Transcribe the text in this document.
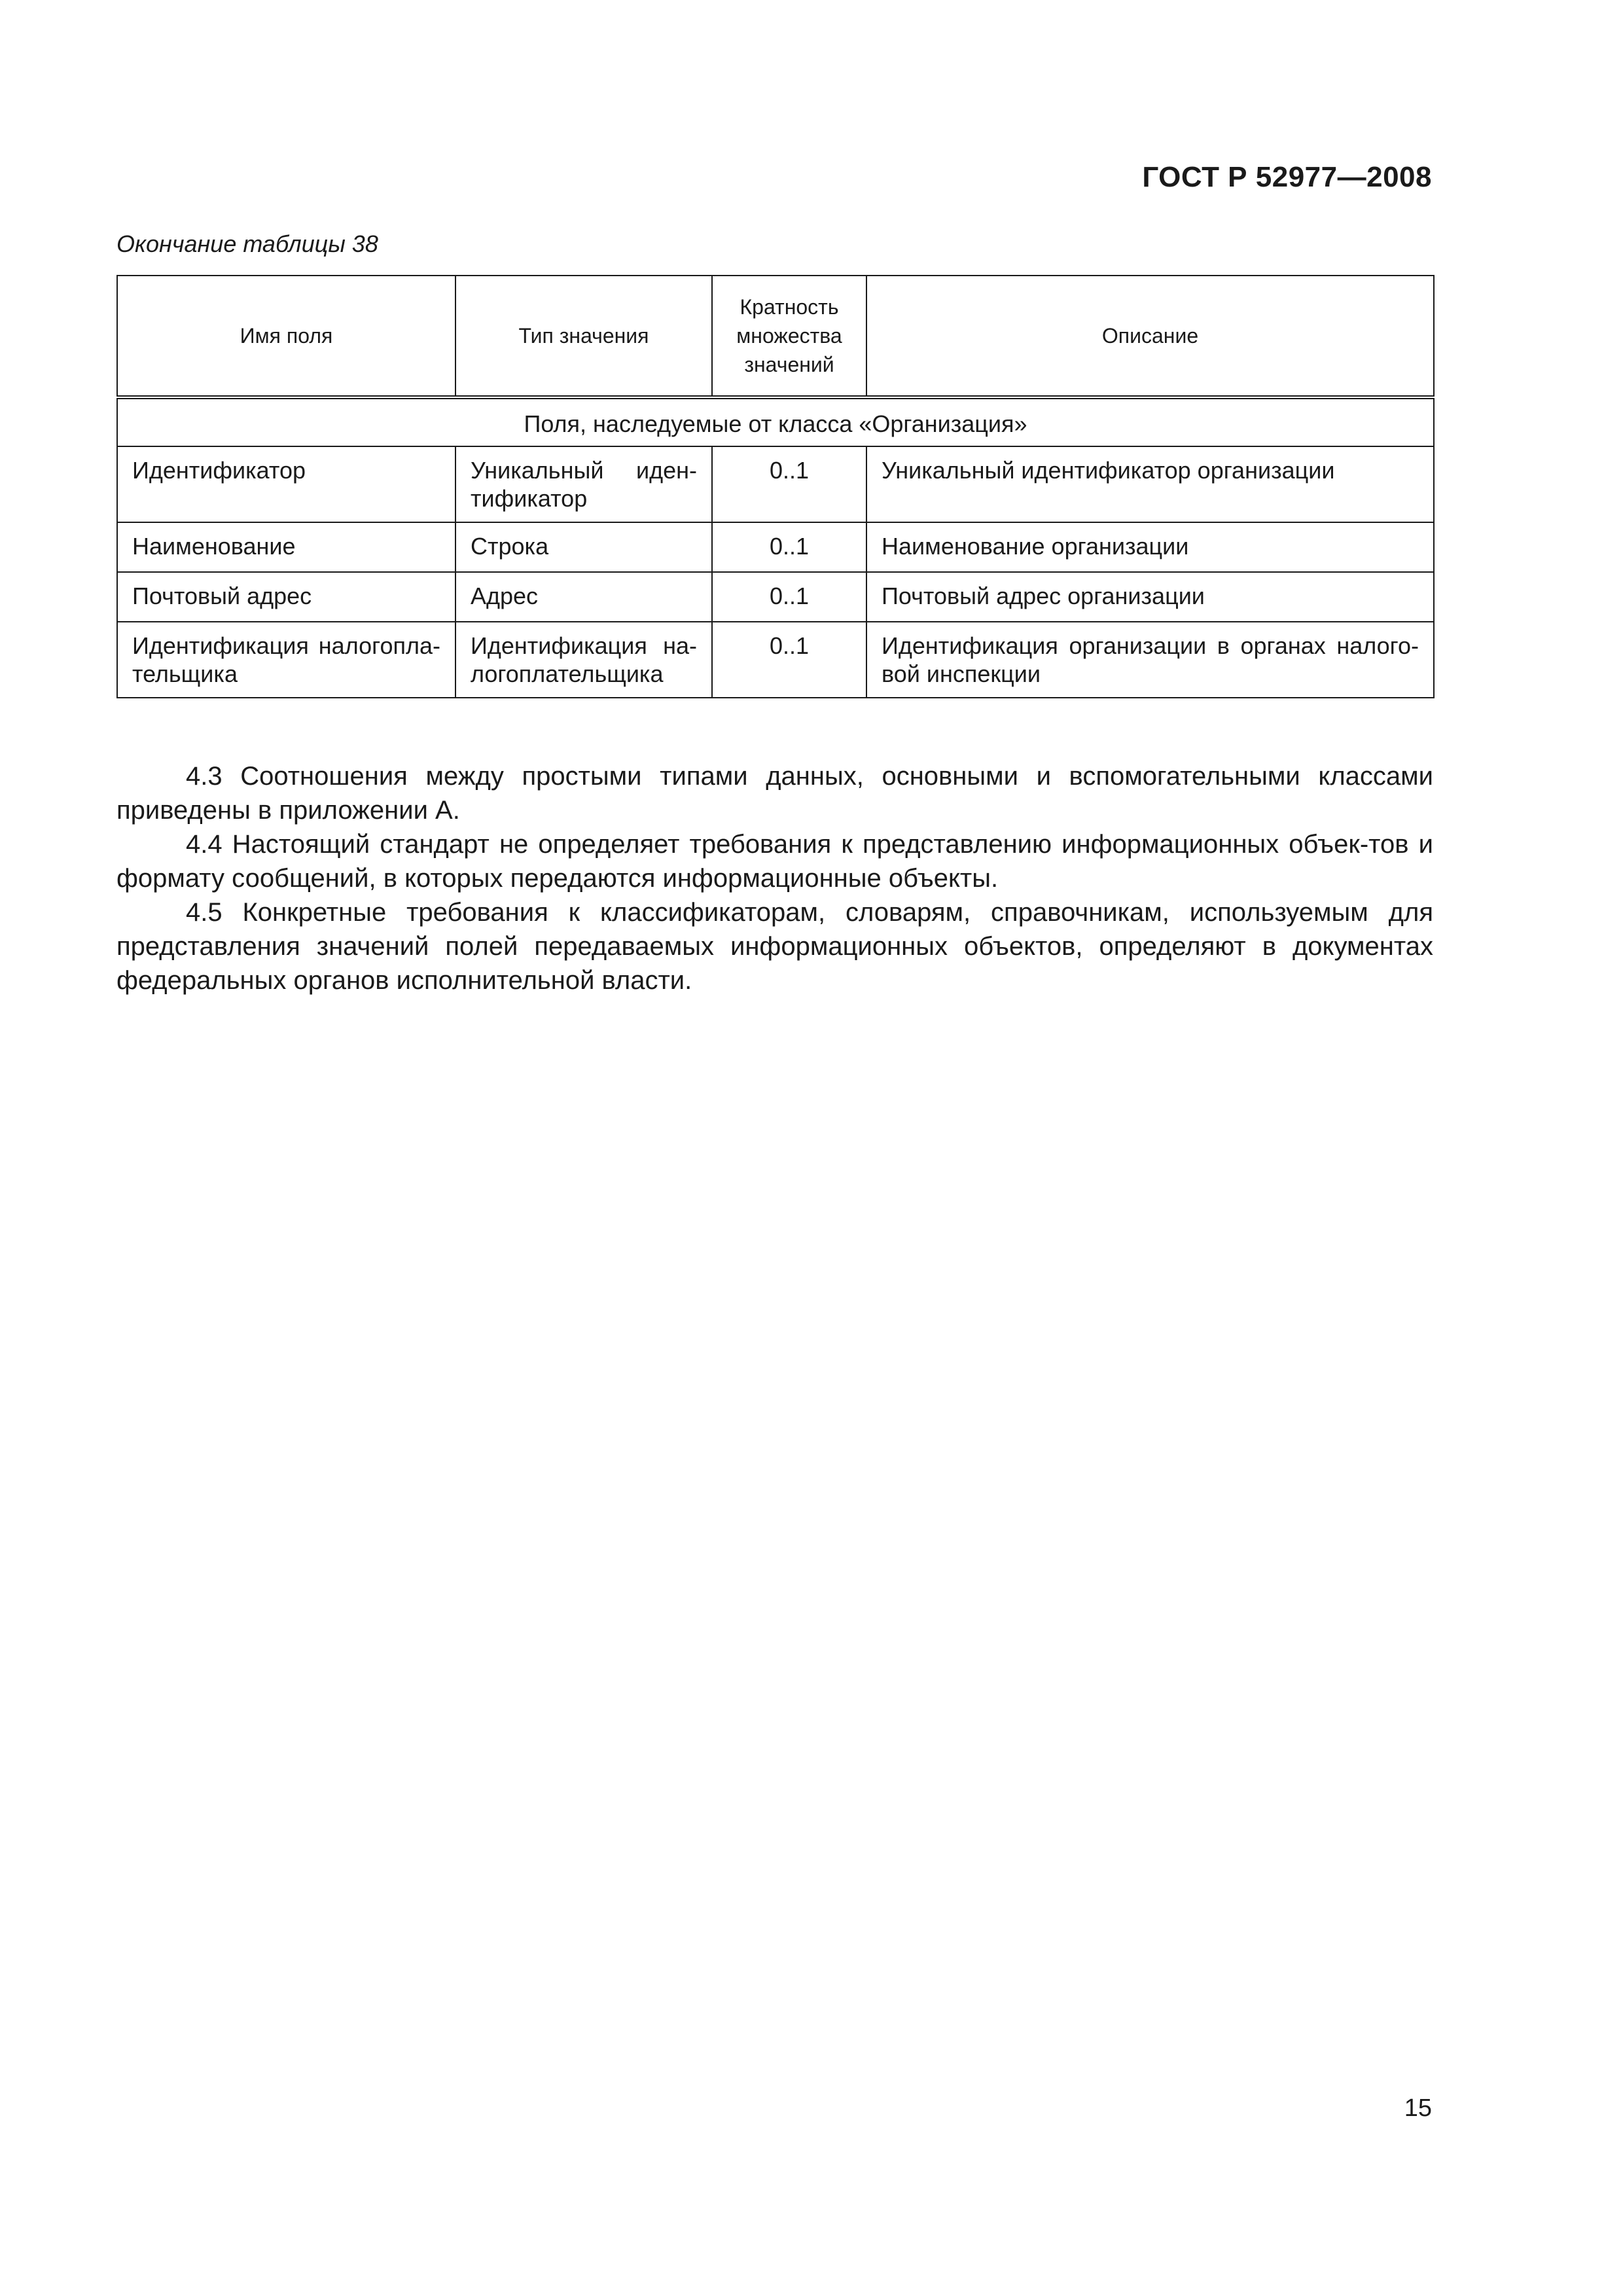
ГОСТ Р 52977—2008
Окончание таблицы 38
Имя поля	Тип значения	Кратность множества значений	Описание
Поля, наследуемые от класса «Организация»			
Идентификатор	Уникальный иден-тификатор	0..1	Уникальный идентификатор организации
Наименование	Строка	0..1	Наименование организации
Почтовый адрес	Адрес	0..1	Почтовый адрес организации
Идентификация налогопла-тельщика	Идентификация на-логоплательщика	0..1	Идентификация организации в органах налого-вой инспекции

4.3 Соотношения между простыми типами данных, основными и вспомогательными классами приведены в приложении А.

4.4 Настоящий стандарт не определяет требования к представлению информационных объек-тов и формату сообщений, в которых передаются информационные объекты.

4.5 Конкретные требования к классификаторам, словарям, справочникам, используемым для представления значений полей передаваемых информационных объектов, определяют в документах федеральных органов исполнительной власти.

15
